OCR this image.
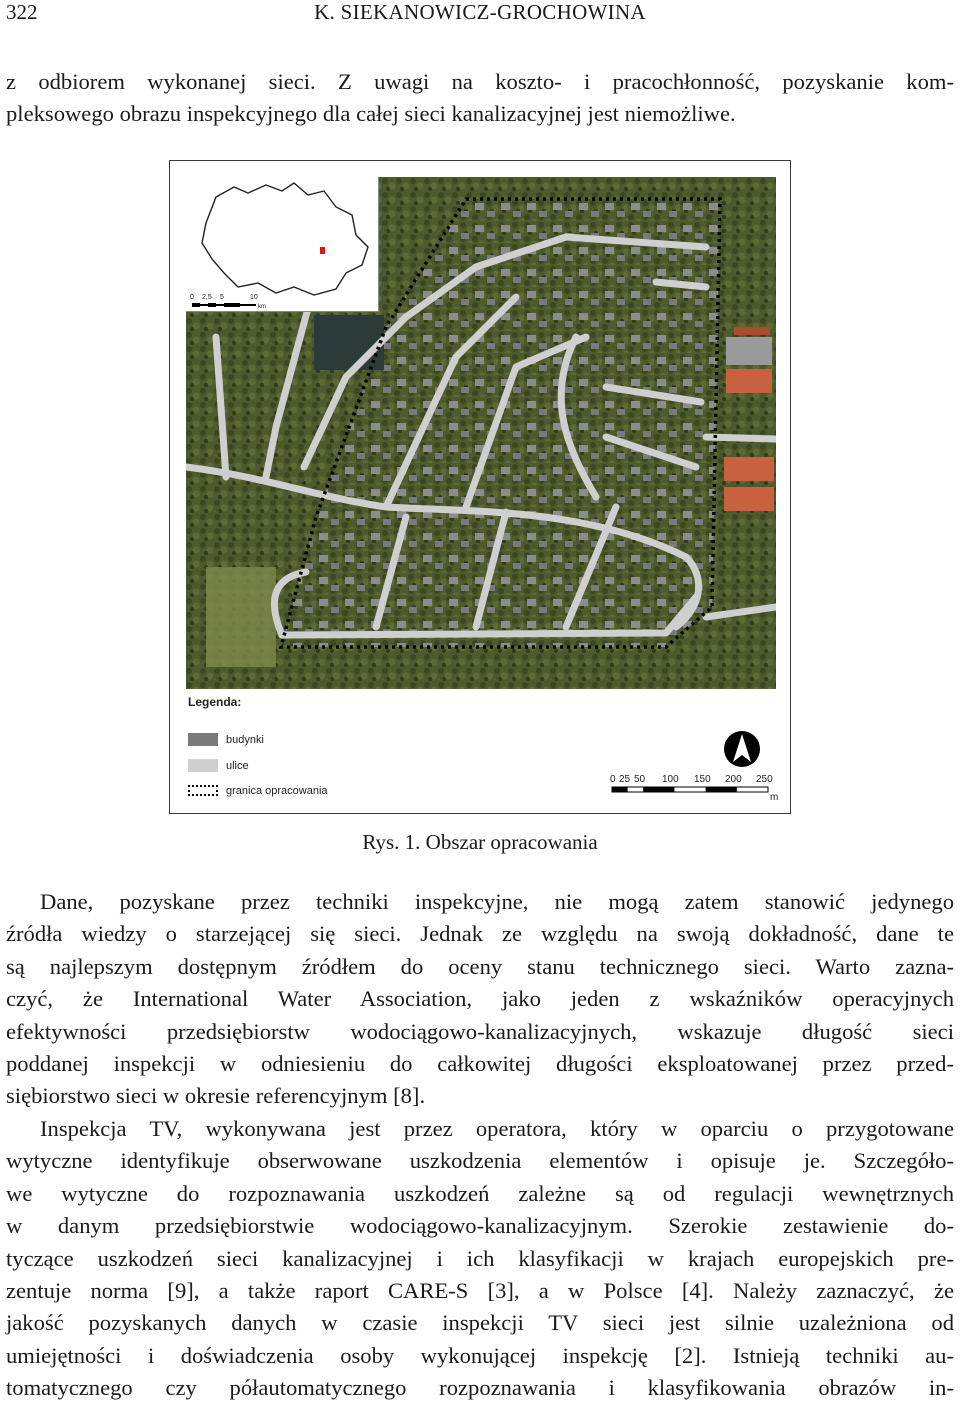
322	K. SIEKANOWICZ-GROCHOWINA
z odbiorem wykonanej sieci. Z uwagi na koszto- i pracochłonność, pozyskanie kom-
pleksowego obrazu inspekcyjnego dla całej sieci kanalizacyjnej jest niemożliwe.
0 2,5 5	10
km
Legenda:
budynki
ulice
granica opracowania
0 25 50 100 150 200 250
m
Rys. 1. Obszar opracowania
Dane, pozyskane przez techniki inspekcyjne, nie mogą zatem stanowić jedynego
źródła wiedzy o starzejącej się sieci. Jednak ze względu na swoją dokładność, dane te
są najlepszym dostępnym źródłem do oceny stanu technicznego sieci. Warto zazna-
czyć, że International Water Association, jako jeden z wskaźników operacyjnych
efektywności przedsiębiorstw wodociągowo-kanalizacyjnych, wskazuje długość sieci
poddanej inspekcji w odniesieniu do całkowitej długości eksploatowanej przez przed-
siębiorstwo sieci w okresie referencyjnym [8].
Inspekcja TV, wykonywana jest przez operatora, który w oparciu o przygotowane
wytyczne identyfikuje obserwowane uszkodzenia elementów i opisuje je. Szczegóło-
we wytyczne do rozpoznawania uszkodzeń zależne są od regulacji wewnętrznych
w danym przedsiębiorstwie wodociągowo-kanalizacyjnym. Szerokie zestawienie do-
tyczące uszkodzeń sieci kanalizacyjnej i ich klasyfikacji w krajach europejskich pre-
zentuje norma [9], a także raport CARE-S [3], a w Polsce [4]. Należy zaznaczyć, że
jakość pozyskanych danych w czasie inspekcji TV sieci jest silnie uzależniona od
umiejętności i doświadczenia osoby wykonującej inspekcję [2]. Istnieją techniki au-
tomatycznego czy półautomatycznego rozpoznawania i klasyfikowania obrazów in-
